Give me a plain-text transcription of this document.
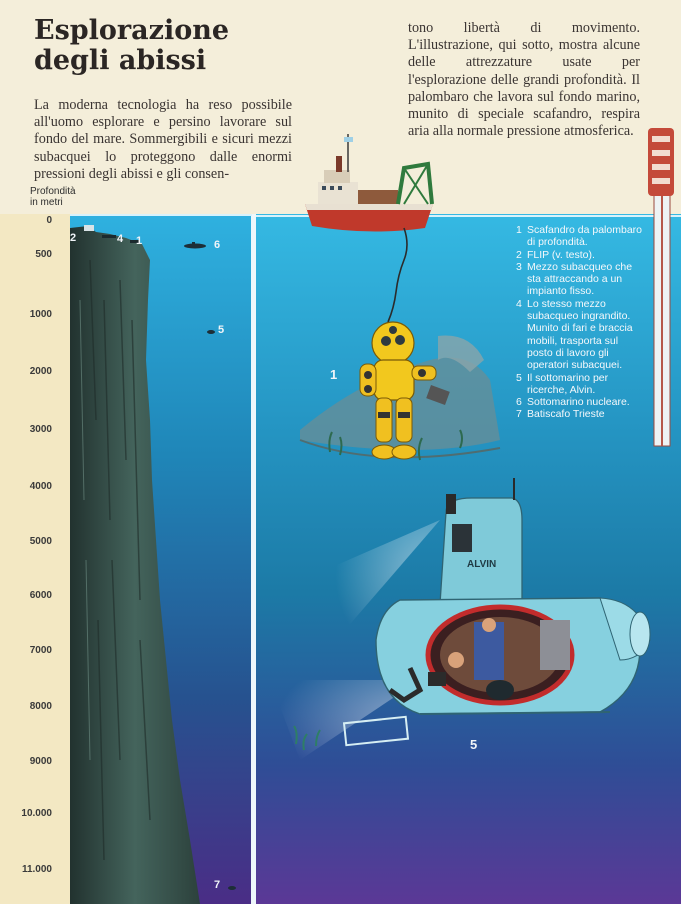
Esplorazione
degli abissi

La moderna tecnologia ha reso possibile all'uomo esplorare e persino lavorare sul fondo del mare. Sommergibili e sicuri mezzi subacquei lo proteggono dalle enormi pressioni degli abissi e gli consen-

tono libertà di movimento. L'illustrazione, qui sotto, mostra alcune delle attrezzature usate per l'esplorazione delle grandi profondità. Il palombaro che lavora sul fondo marino, munito di speciale scafandro, respira aria alla normale pressione atmosferica.

Profondità
in metri
0
500
1000
2000
3000
4000
5000
6000
7000
8000
9000
10.000
11.000
2	4 1	6
5
7
1
5
ALVIN
1 Scafandro da palombaro di profondità.
2 FLIP (v. testo).
3 Mezzo subacqueo che sta attraccando a un impianto fisso.
4 Lo stesso mezzo subacqueo ingrandito. Munito di fari e braccia mobili, trasporta sul posto di lavoro gli operatori subacquei.
5 Il sottomarino per ricerche, Alvin.
6 Sottomarino nucleare.
7 Batiscafo Trieste
